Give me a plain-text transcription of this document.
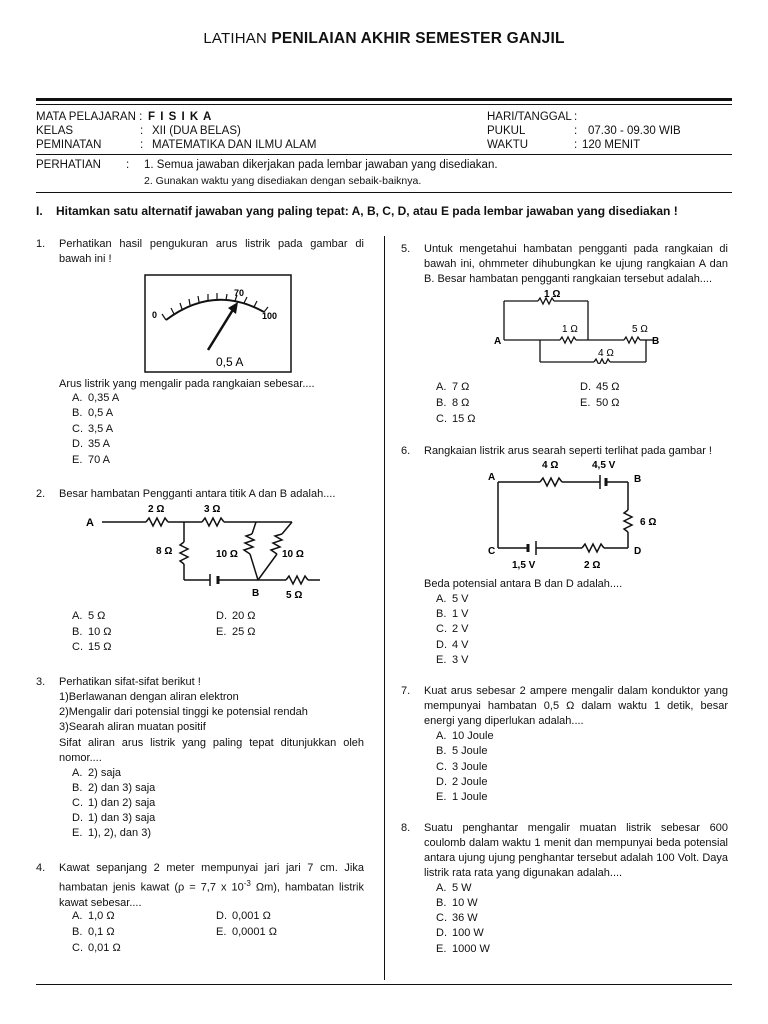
LATIHAN PENILAIAN AKHIR SEMESTER GANJIL
MATA PELAJARAN : F I S I K A
KELAS	: XII (DUA BELAS)
PEMINATAN	: MATEMATIKA DAN ILMU ALAM
HARI/TANGGAL :
PUKUL	: 07.30 - 09.30 WIB
WAKTU	: 120 MENIT
PERHATIAN : 1. Semua jawaban dikerjakan pada lembar jawaban yang disediakan.
2. Gunakan waktu yang disediakan dengan sebaik-baiknya.
I.    Hitamkan satu alternatif jawaban yang paling tepat: A, B, C, D, atau E pada lembar jawaban yang disediakan !
1.	Perhatikan hasil pengukuran arus listrik pada gambar di bawah ini !
0
70
100
0,5 A
Arus listrik yang mengalir pada rangkaian sebesar....
A. 0,35 A
B. 0,5 A
C. 3,5 A
D. 35 A
E. 70 A
2.	Besar hambatan Pengganti antara titik A dan B adalah....
A
2 Ω	3 Ω
8 Ω	10 Ω	10 Ω
B	5 Ω
A. 5 Ω
B. 10 Ω
C. 15 Ω
D. 20 Ω
E. 25 Ω
3.	Perhatikan sifat-sifat berikut !
1)Berlawanan dengan aliran elektron
2)Mengalir dari potensial tinggi ke potensial rendah
3)Searah aliran muatan positif
Sifat aliran arus listrik yang paling tepat ditunjukkan oleh nomor....
A. 2) saja
B. 2) dan 3) saja
C. 1) dan 2) saja
D. 1) dan 3) saja
E. 1), 2), dan 3)
4.	Kawat sepanjang 2 meter mempunyai jari jari 7 cm. Jika hambatan jenis kawat (ρ = 7,7 x $10^{-3}$ Ωm), hambatan listrik kawat sebesar....
A. 1,0 Ω
B. 0,1 Ω
C. 0,01 Ω
D. 0,001 Ω
E. 0,0001 Ω
5.	Untuk mengetahui hambatan pengganti pada rangkaian di bawah ini, ohmmeter dihubungkan ke ujung rangkaian A dan B. Besar hambatan pengganti rangkaian tersebut adalah....
1 Ω
1 Ω	5 Ω
4 Ω
A	B
A. 7 Ω
B. 8 Ω
C. 15 Ω
D. 45 Ω
E. 50 Ω
6.	Rangkaian listrik arus searah seperti terlihat pada gambar !
A
4 Ω	4,5 V
B
6 Ω
C	D
1,5 V	2 Ω
Beda potensial antara B dan D adalah....
A. 5 V
B. 1 V
C. 2 V
D. 4 V
E. 3 V
7.	Kuat arus sebesar 2 ampere mengalir dalam konduktor yang mempunyai hambatan 0,5 Ω dalam waktu 1 detik, besar energi yang diperlukan adalah....
A. 10 Joule
B. 5 Joule
C. 3 Joule
D. 2 Joule
E. 1 Joule
8.	Suatu penghantar mengalir muatan listrik sebesar 600 coulomb dalam waktu 1 menit dan mempunyai beda potensial antara ujung ujung penghantar tersebut adalah 100 Volt. Daya listrik rata rata yang digunakan adalah....
A. 5 W
B. 10 W
C. 36 W
D. 100 W
E. 1000 W
